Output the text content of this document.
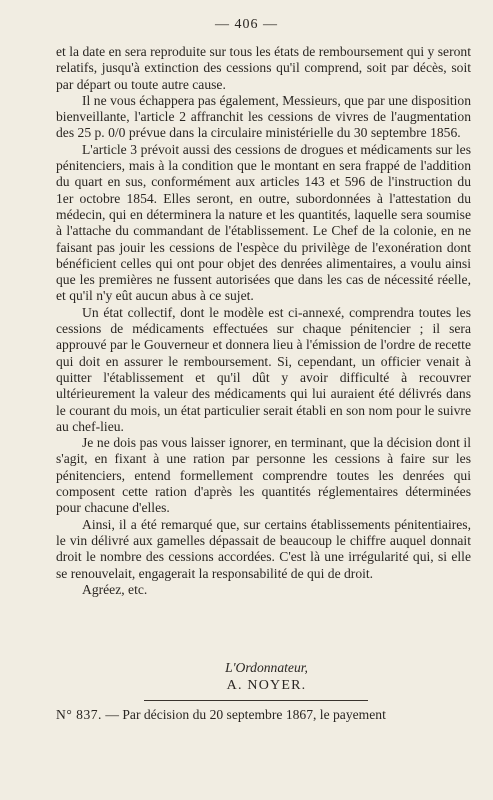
— 406 —

et la date en sera reproduite sur tous les états de remboursement qui y seront relatifs, jusqu'à extinction des cessions qu'il comprend, soit par décès, soit par départ ou toute autre cause.

Il ne vous échappera pas également, Messieurs, que par une disposition bienveillante, l'article 2 affranchit les cessions de vivres de l'augmentation des 25 p. 0/0 prévue dans la circulaire ministérielle du 30 septembre 1856.

L'article 3 prévoit aussi des cessions de drogues et médicaments sur les pénitenciers, mais à la condition que le montant en sera frappé de l'addition du quart en sus, conformément aux articles 143 et 596 de l'instruction du 1er octobre 1854. Elles seront, en outre, subordonnées à l'attestation du médecin, qui en déterminera la nature et les quantités, laquelle sera soumise à l'attache du commandant de l'établissement. Le Chef de la colonie, en ne faisant pas jouir les cessions de l'espèce du privilège de l'exonération dont bénéficient celles qui ont pour objet des denrées alimentaires, a voulu ainsi que les premières ne fussent autorisées que dans les cas de nécessité réelle, et qu'il n'y eût aucun abus à ce sujet.

Un état collectif, dont le modèle est ci-annexé, comprendra toutes les cessions de médicaments effectuées sur chaque pénitencier ; il sera approuvé par le Gouverneur et donnera lieu à l'émission de l'ordre de recette qui doit en assurer le remboursement. Si, cependant, un officier venait à quitter l'établissement et qu'il dût y avoir difficulté à recouvrer ultérieurement la valeur des médicaments qui lui auraient été délivrés dans le courant du mois, un état particulier serait établi en son nom pour le suivre au chef-lieu.

Je ne dois pas vous laisser ignorer, en terminant, que la décision dont il s'agit, en fixant à une ration par personne les cessions à faire sur les pénitenciers, entend formellement comprendre toutes les denrées qui composent cette ration d'après les quantités réglementaires déterminées pour chacune d'elles.

Ainsi, il a été remarqué que, sur certains établissements pénitentiaires, le vin délivré aux gamelles dépassait de beaucoup le chiffre auquel donnait droit le nombre des cessions accordées. C'est là une irrégularité qui, si elle se renouvelait, engagerait la responsabilité de qui de droit.

Agréez, etc.

L'Ordonnateur,
A. NOYER.
N° 837. — Par décision du 20 septembre 1867, le payement
